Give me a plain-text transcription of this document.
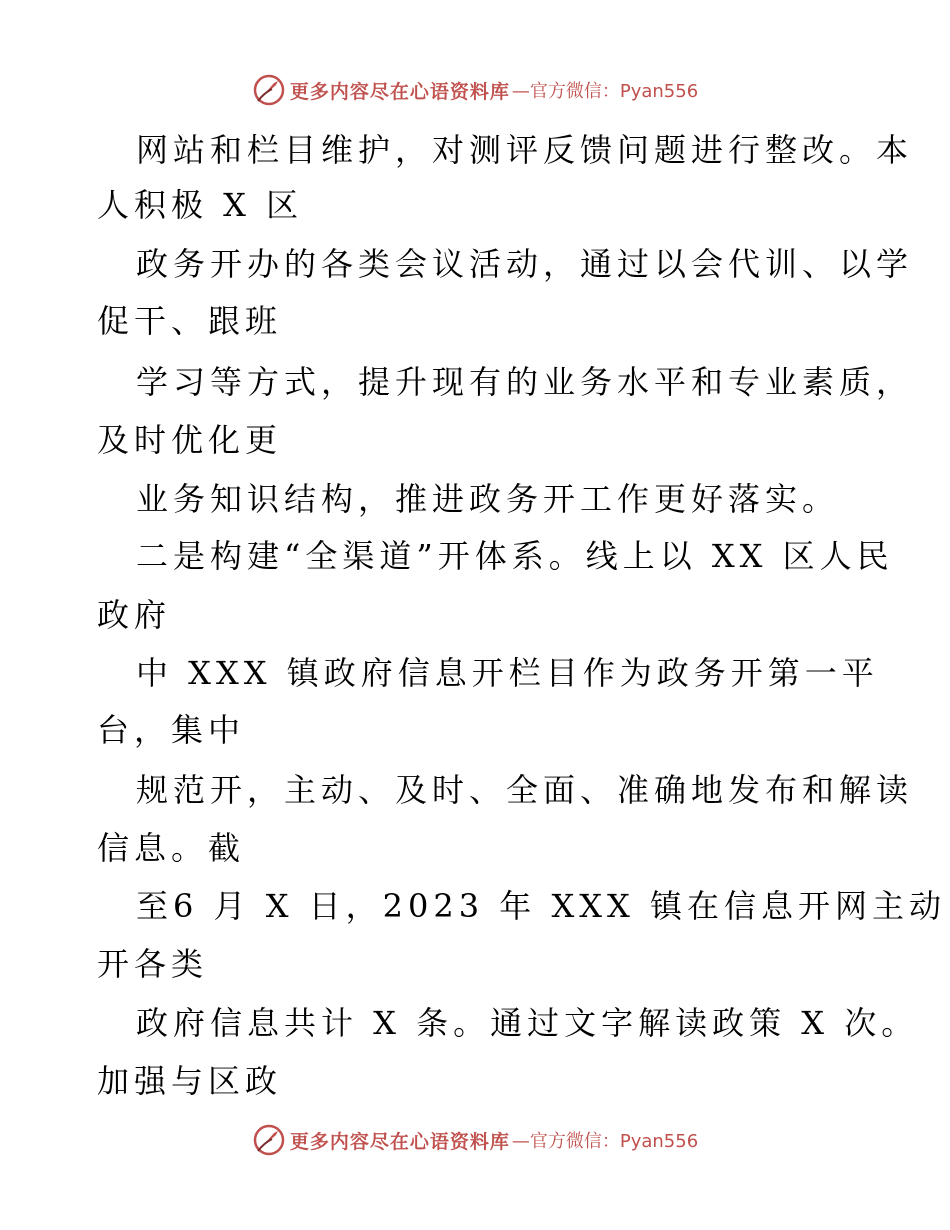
更多内容尽在心语资料库 —官方微信：Pyan556
网站和栏目维护，对测评反馈问题进行整改。本
人积极 X 区
政务开办的各类会议活动，通过以会代训、以学
促干、跟班
学习等方式，提升现有的业务水平和专业素质，
及时优化更
业务知识结构，推进政务开工作更好落实。
二是构建“全渠道”开体系。线上以 XX 区人民
政府
中 XXX 镇政府信息开栏目作为政务开第一平
台，集中
规范开，主动、及时、全面、准确地发布和解读
信息。截
至6 月 X 日，2023 年 XXX 镇在信息开网主动
开各类
政府信息共计 X 条。通过文字解读政策 X 次。
加强与区政
更多内容尽在心语资料库 —官方微信：Pyan556
